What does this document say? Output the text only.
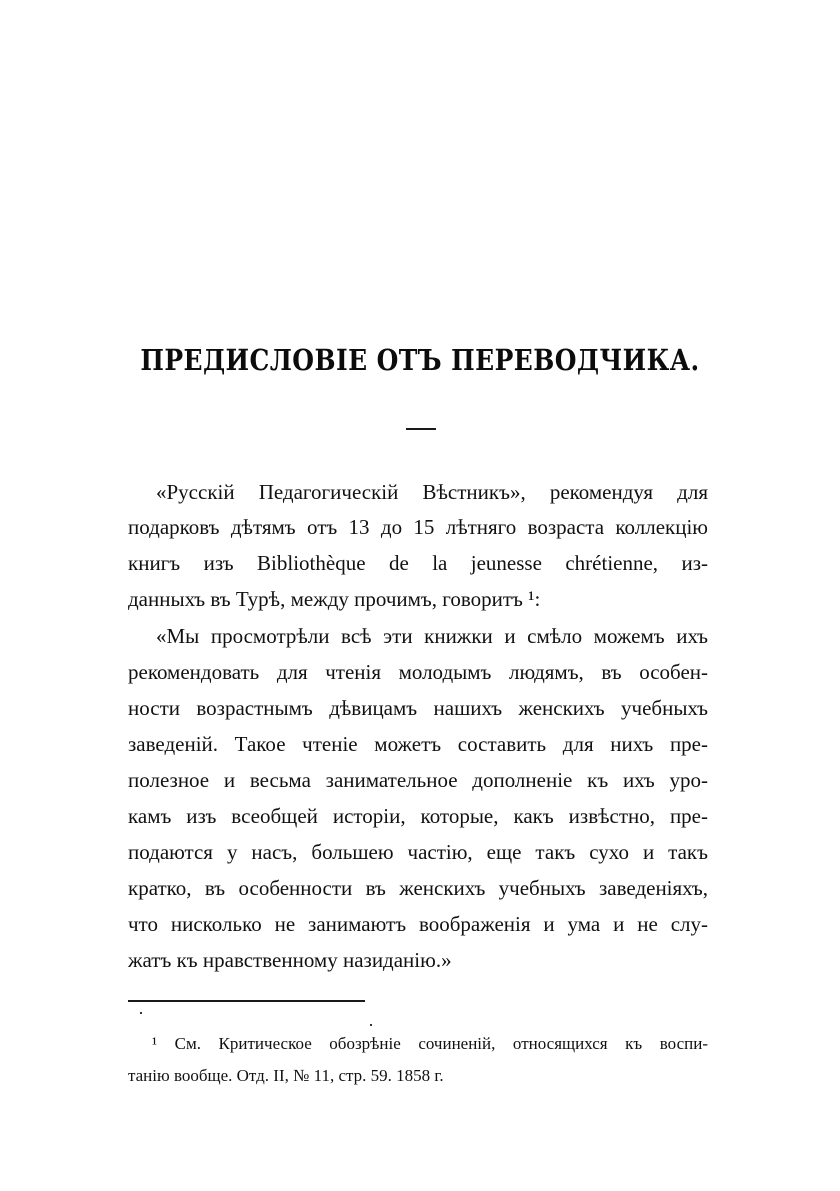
ПРЕДИСЛОВІЕ ОТЪ ПЕРЕВОДЧИКА.
«Русскій Педагогическій Вѣстникъ», рекомендуя для
подарковъ дѣтямъ отъ 13 до 15 лѣтняго возраста коллекцію
книгъ изъ Bibliothèque de la jeunesse chrétienne, из-
данныхъ въ Турѣ, между прочимъ, говоритъ ¹:
«Мы просмотрѣли всѣ эти книжки и смѣло можемъ ихъ
рекомендовать для чтенія молодымъ людямъ, въ особен-
ности возрастнымъ дѣвицамъ нашихъ женскихъ учебныхъ
заведеній. Такое чтеніе можетъ составить для нихъ пре-
полезное и весьма занимательное дополненіе къ ихъ уро-
камъ изъ всеобщей исторіи, которые, какъ извѣстно, пре-
подаются у насъ, большею частію, еще такъ сухо и такъ
кратко, въ особенности въ женскихъ учебныхъ заведеніяхъ,
что нисколько не занимаютъ воображенія и ума и не слу-
жатъ къ нравственному назиданію.»
¹ См. Критическое обозрѣніе сочиненій, относящихся къ воспи-
танію вообще. Отд. II, № 11, стр. 59. 1858 г.
